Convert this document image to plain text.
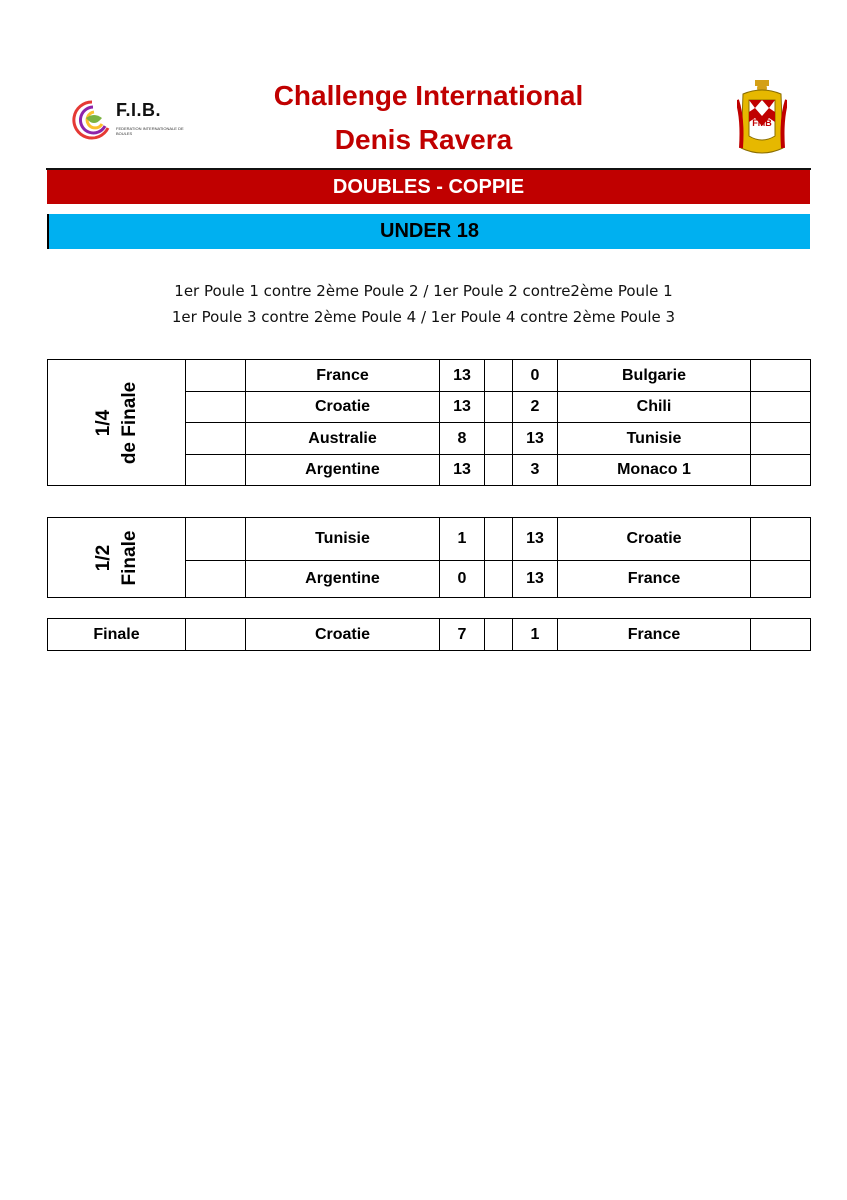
F.I.B.
FEDERATION INTERNATIONALE DE BOULES
Challenge International
Denis Ravera
FMB
DOUBLES - COPPIE
UNDER 18
1er Poule 1 contre 2ème Poule 2 / 1er Poule 2 contre2ème Poule 1
1er Poule 3 contre 2ème Poule 4 / 1er Poule 4 contre 2ème Poule 3
1/4 de Finale		France	13		0	Bulgarie	
		Croatie	13		2	Chili	
		Australie	8		13	Tunisie	
		Argentine	13		3	Monaco 1	
1/2 Finale		Tunisie	1		13	Croatie	
		Argentine	0		13	France	
Finale		Croatie	7		1	France	
